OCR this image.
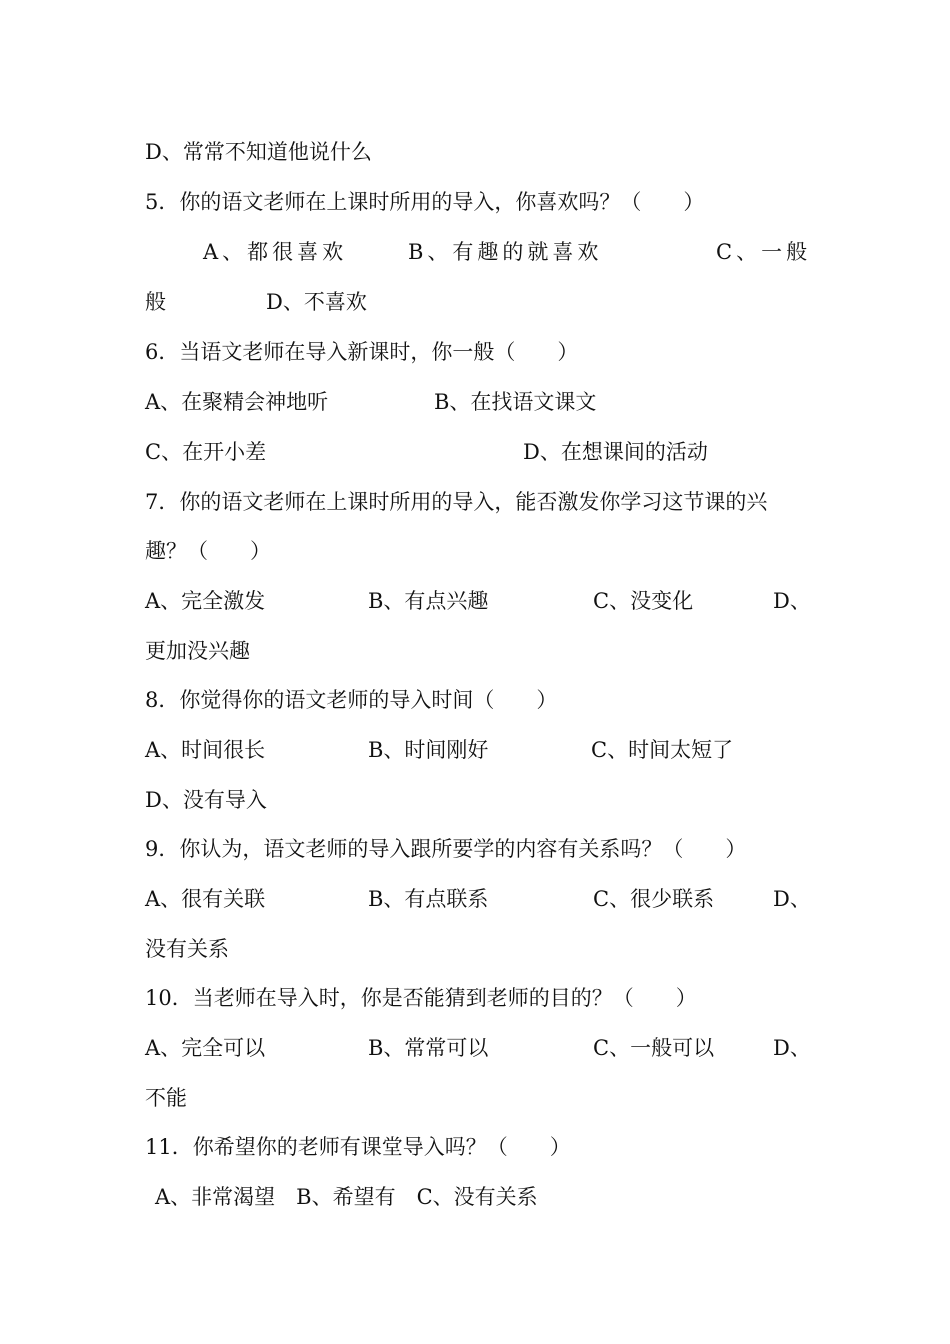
D、常常不知道他说什么
5．你的语文老师在上课时所用的导入，你喜欢吗？（　　）
A、都很喜欢	B、有趣的就喜欢	C、一般
般	D、不喜欢
6．当语文老师在导入新课时，你一般（　　）
A、在聚精会神地听	B、在找语文课文
C、在开小差	D、在想课间的活动
7．你的语文老师在上课时所用的导入，能否激发你学习这节课的兴
趣？（　　）
A、完全激发	B、有点兴趣	C、没变化	D、
更加没兴趣
8．你觉得你的语文老师的导入时间（　　）
A、时间很长	B、时间刚好	C、时间太短了
D、没有导入
9．你认为，语文老师的导入跟所要学的内容有关系吗？（　　）
A、很有关联	B、有点联系	C、很少联系	D、
没有关系
10．当老师在导入时，你是否能猜到老师的目的？（　　）
A、完全可以	B、常常可以	C、一般可以	D、
不能
11．你希望你的老师有课堂导入吗？（　　）
A、非常渴望　B、希望有　C、没有关系
